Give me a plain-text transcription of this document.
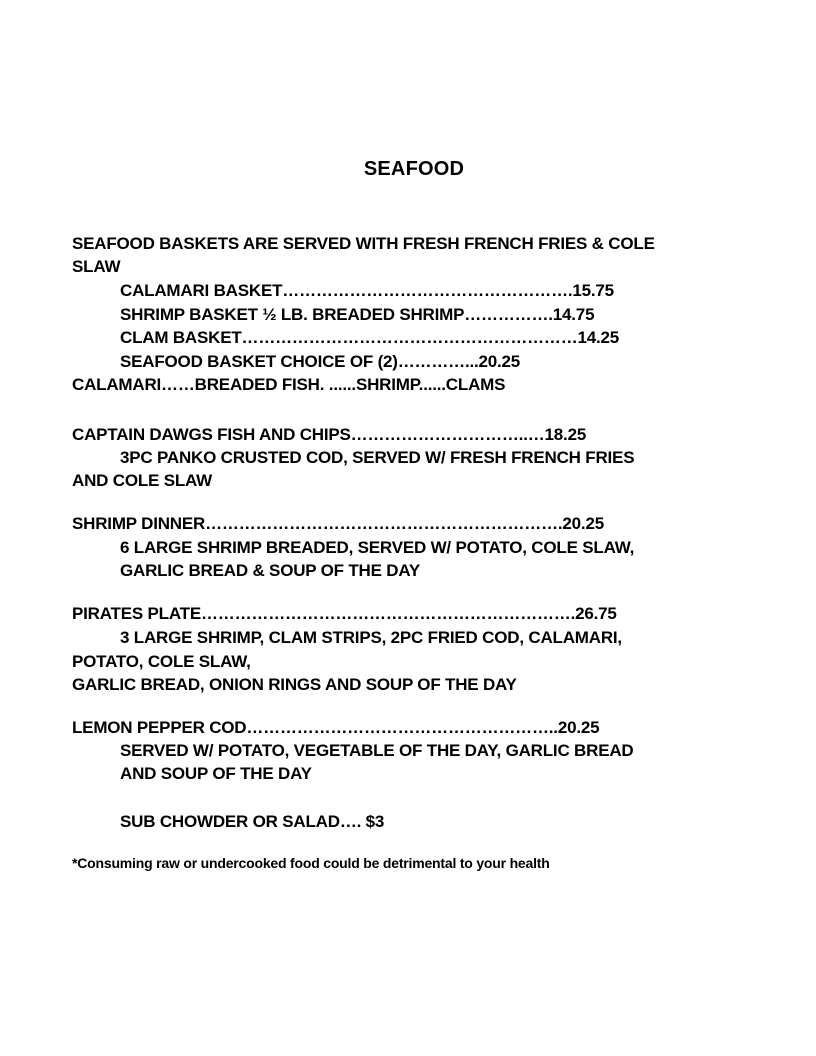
SEAFOOD
SEAFOOD BASKETS ARE SERVED WITH FRESH FRENCH FRIES & COLE
SLAW
CALAMARI BASKET…………………………………………….15.75
SHRIMP BASKET ½ LB. BREADED SHRIMP…………….14.75
CLAM BASKET……………………………………………………14.25
SEAFOOD BASKET CHOICE OF (2)…………...20.25
CALAMARI……BREADED FISH. ......SHRIMP......CLAMS
CAPTAIN DAWGS FISH AND CHIPS…………………………..…18.25
3PC PANKO CRUSTED COD, SERVED W/ FRESH FRENCH FRIES
AND COLE SLAW
SHRIMP DINNER……………………………………………………….20.25
6 LARGE SHRIMP BREADED, SERVED W/ POTATO, COLE SLAW,
GARLIC BREAD & SOUP OF THE DAY
PIRATES PLATE………………………………………………………….26.75
3 LARGE SHRIMP, CLAM STRIPS, 2PC FRIED COD, CALAMARI,
POTATO, COLE SLAW,
GARLIC BREAD, ONION RINGS AND SOUP OF THE DAY
LEMON PEPPER COD………………………………………………..20.25
SERVED W/ POTATO, VEGETABLE OF THE DAY, GARLIC BREAD
AND SOUP OF THE DAY
SUB CHOWDER OR SALAD…. $3
*Consuming raw or undercooked food could be detrimental to your health
